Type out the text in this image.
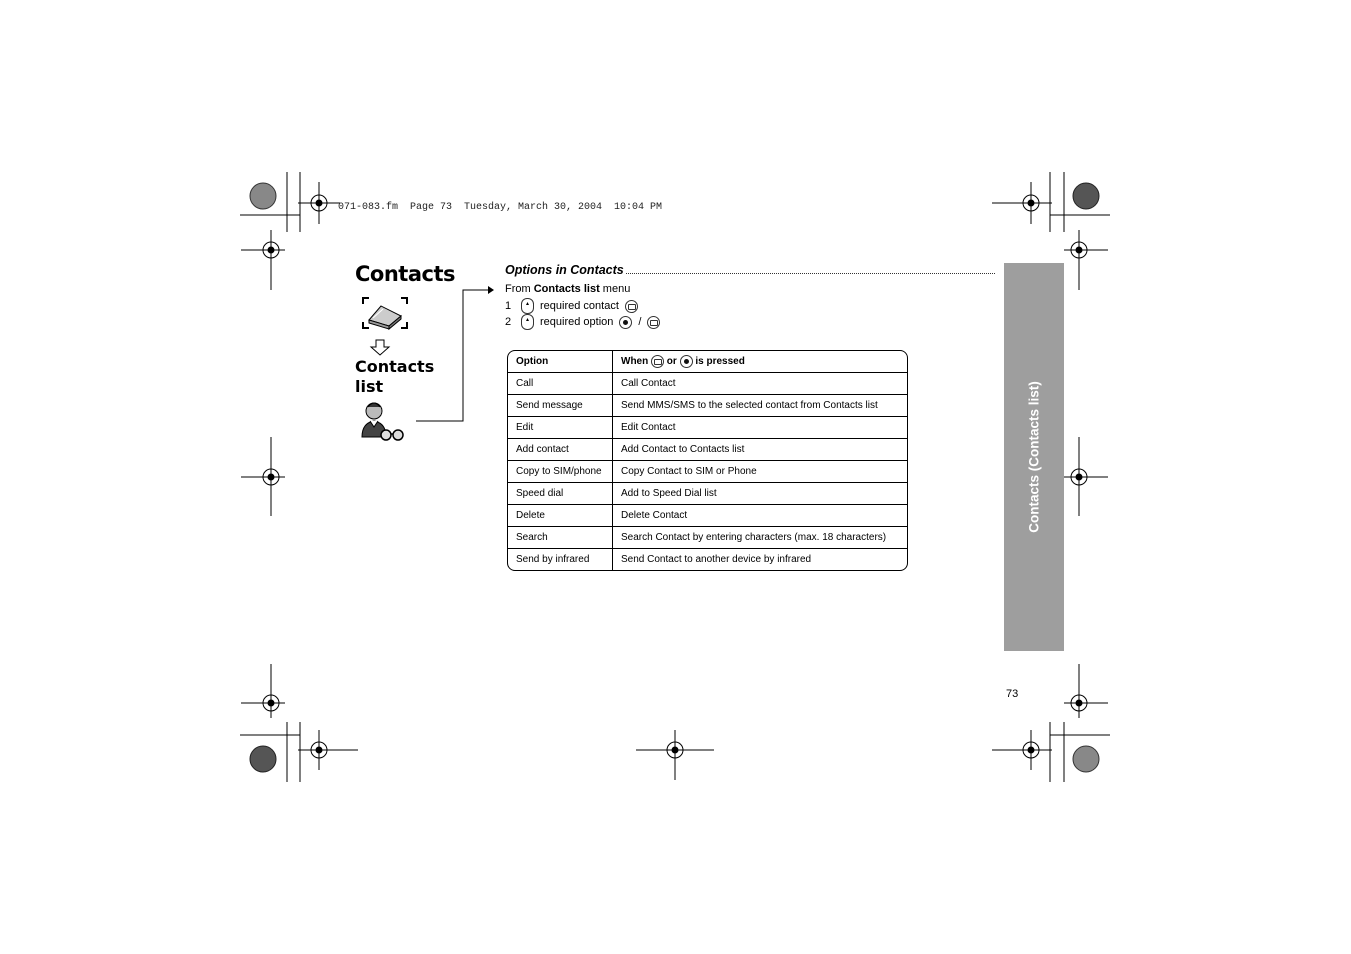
071-083.fm  Page 73  Tuesday, March 30, 2004  10:04 PM
Contacts
Contacts list
Options in Contacts
From Contacts list menu
1	▴	required contact
2	▴	required option /
Option	When or is pressed
Call	Call Contact
Send message	Send MMS/SMS to the selected contact from Contacts list
Edit	Edit Contact
Add contact	Add Contact to Contacts list
Copy to SIM/phone	Copy Contact to SIM or Phone
Speed dial	Add to Speed Dial list
Delete	Delete Contact
Search	Search Contact by entering characters (max. 18 characters)
Send by infrared	Send Contact to another device by infrared
Contacts (Contacts list)
73
